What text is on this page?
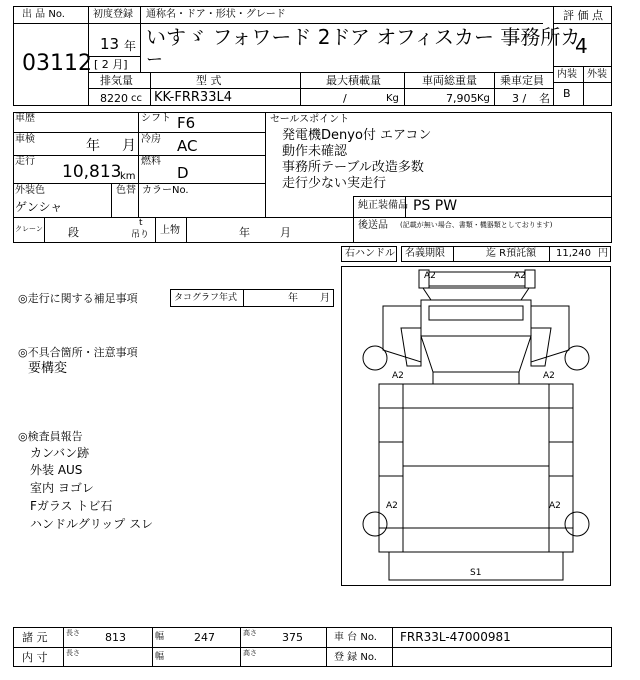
出 品 No.
03112
初度登録
13 年
[ 2 月]
通称名・ドア・形状・グレード
いすゞ フォワード 2ドア オフィスカー 事務所カ
ー
評 価 点
4
内装 外装
B
排気量	型 式	最大積載量	車両総重量 乗車定員
8220 cc KK-FRR33L4	/	Kg	7,905 Kg 3 / 名
車歴
車検	年 月
走行
10,813
km
シフト F6
冷房 AC
燃料
D
外装色
ゲンシャ
色替 カラーNo.
セールスポイント
発電機Denyo付 エアコン
動作未確認
事務所テーブル改造多数
走行少ない実走行
純正装備品 PS PW
後送品 (記載が無い場合、書類・機器類としております)
クレーン 段
t
吊り 上物	年	月
右ハンドル 名義期限	迄 R預託額 11,240 円
◎走行に関する補足事項	タコグラフ年式	年 月
◎不具合箇所・注意事項
要構変
◎検査員報告
カンバン跡
外装 AUS
室内 ヨゴレ
Fガラス トビ石
ハンドルグリップ スレ
A2	A2
A2	A2
A2	A2
S1
諸 元	長さ 813	幅	247	高さ 375	車 台 No. FRR33L-47000981
内 寸	長さ	幅	高さ	登 録 No.
